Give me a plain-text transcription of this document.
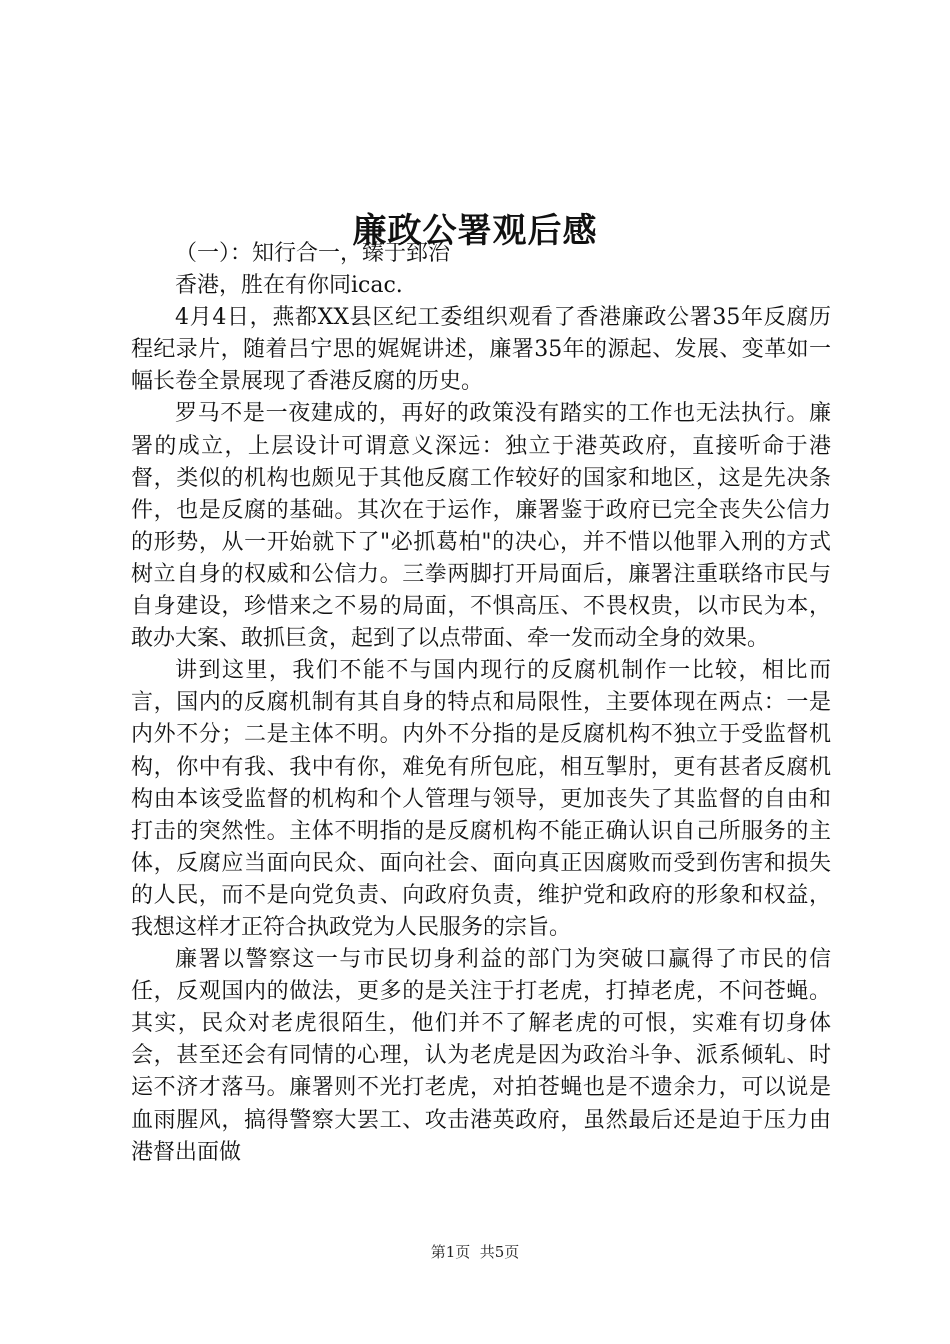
廉政公署观后感

（一）：知行合一，臻于郅治

香港，胜在有你同icac.

4月4日，燕都XX县区纪工委组织观看了香港廉政公署35年反腐历程纪录片，随着吕宁思的娓娓讲述，廉署35年的源起、发展、变革如一幅长卷全景展现了香港反腐的历史。

罗马不是一夜建成的，再好的政策没有踏实的工作也无法执行。廉署的成立，上层设计可谓意义深远：独立于港英政府，直接听命于港督，类似的机构也颇见于其他反腐工作较好的国家和地区，这是先决条件，也是反腐的基础。其次在于运作，廉署鉴于政府已完全丧失公信力的形势，从一开始就下了"必抓葛柏"的决心，并不惜以他罪入刑的方式树立自身的权威和公信力。三拳两脚打开局面后，廉署注重联络市民与自身建设，珍惜来之不易的局面，不惧高压、不畏权贵，以市民为本，敢办大案、敢抓巨贪，起到了以点带面、牵一发而动全身的效果。

讲到这里，我们不能不与国内现行的反腐机制作一比较，相比而言，国内的反腐机制有其自身的特点和局限性，主要体现在两点：一是内外不分；二是主体不明。内外不分指的是反腐机构不独立于受监督机构，你中有我、我中有你，难免有所包庇，相互掣肘，更有甚者反腐机构由本该受监督的机构和个人管理与领导，更加丧失了其监督的自由和打击的突然性。主体不明指的是反腐机构不能正确认识自己所服务的主体，反腐应当面向民众、面向社会、面向真正因腐败而受到伤害和损失的人民，而不是向党负责、向政府负责，维护党和政府的形象和权益，我想这样才正符合执政党为人民服务的宗旨。

廉署以警察这一与市民切身利益的部门为突破口赢得了市民的信任，反观国内的做法，更多的是关注于打老虎，打掉老虎，不问苍蝇。其实，民众对老虎很陌生，他们并不了解老虎的可恨，实难有切身体会，甚至还会有同情的心理，认为老虎是因为政治斗争、派系倾轧、时运不济才落马。廉署则不光打老虎，对拍苍蝇也是不遗余力，可以说是血雨腥风，搞得警察大罢工、攻击港英政府，虽然最后还是迫于压力由港督出面做

第1页  共5页
